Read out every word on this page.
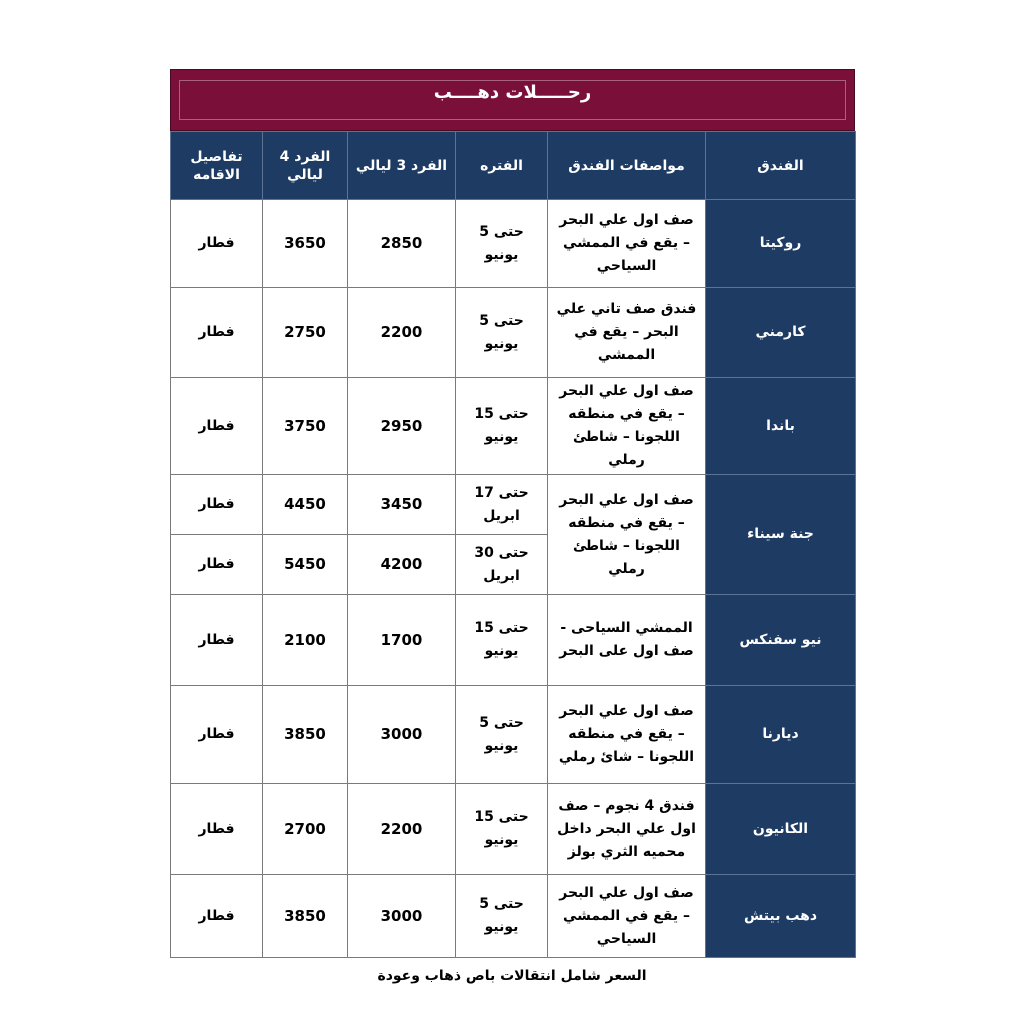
رحـــــلات دهــــب
الفندق	مواصفات الفندق	الفتره	الفرد 3 ليالي	الفرد 4 ليالي	تفاصيل الاقامه
روكيتا	صف اول علي البحر – يقع في الممشي السياحي	حتى 5 يونيو	2850	3650	فطار
كارمني	فندق صف تاني علي البحر – يقع في الممشي	حتى 5 يونيو	2200	2750	فطار
باندا	صف اول علي البحر – يقع في منطقه اللجونا – شاطئ رملي	حتى 15 يونيو	2950	3750	فطار
جنة سيناء	صف اول علي البحر – يقع في منطقه اللجونا – شاطئ رملي	حتى 17 ابريل	3450	4450	فطار
		حتى 30 ابريل	4200	5450	فطار
نيو سفنكس	الممشي السياحى - صف اول على البحر	حتى 15 يونيو	1700	2100	فطار
ديارنا	صف اول علي البحر – يقع في منطقه اللجونا – شائ رملي	حتى 5 يونيو	3000	3850	فطار
الكانيون	فندق 4 نجوم – صف اول علي البحر داخل محميه الثري بولز	حتى 15 يونيو	2200	2700	فطار
دهب بيتش	صف اول علي البحر – يقع في الممشي السياحي	حتى 5 يونيو	3000	3850	فطار
السعر شامل انتقالات باص ذهاب وعودة
